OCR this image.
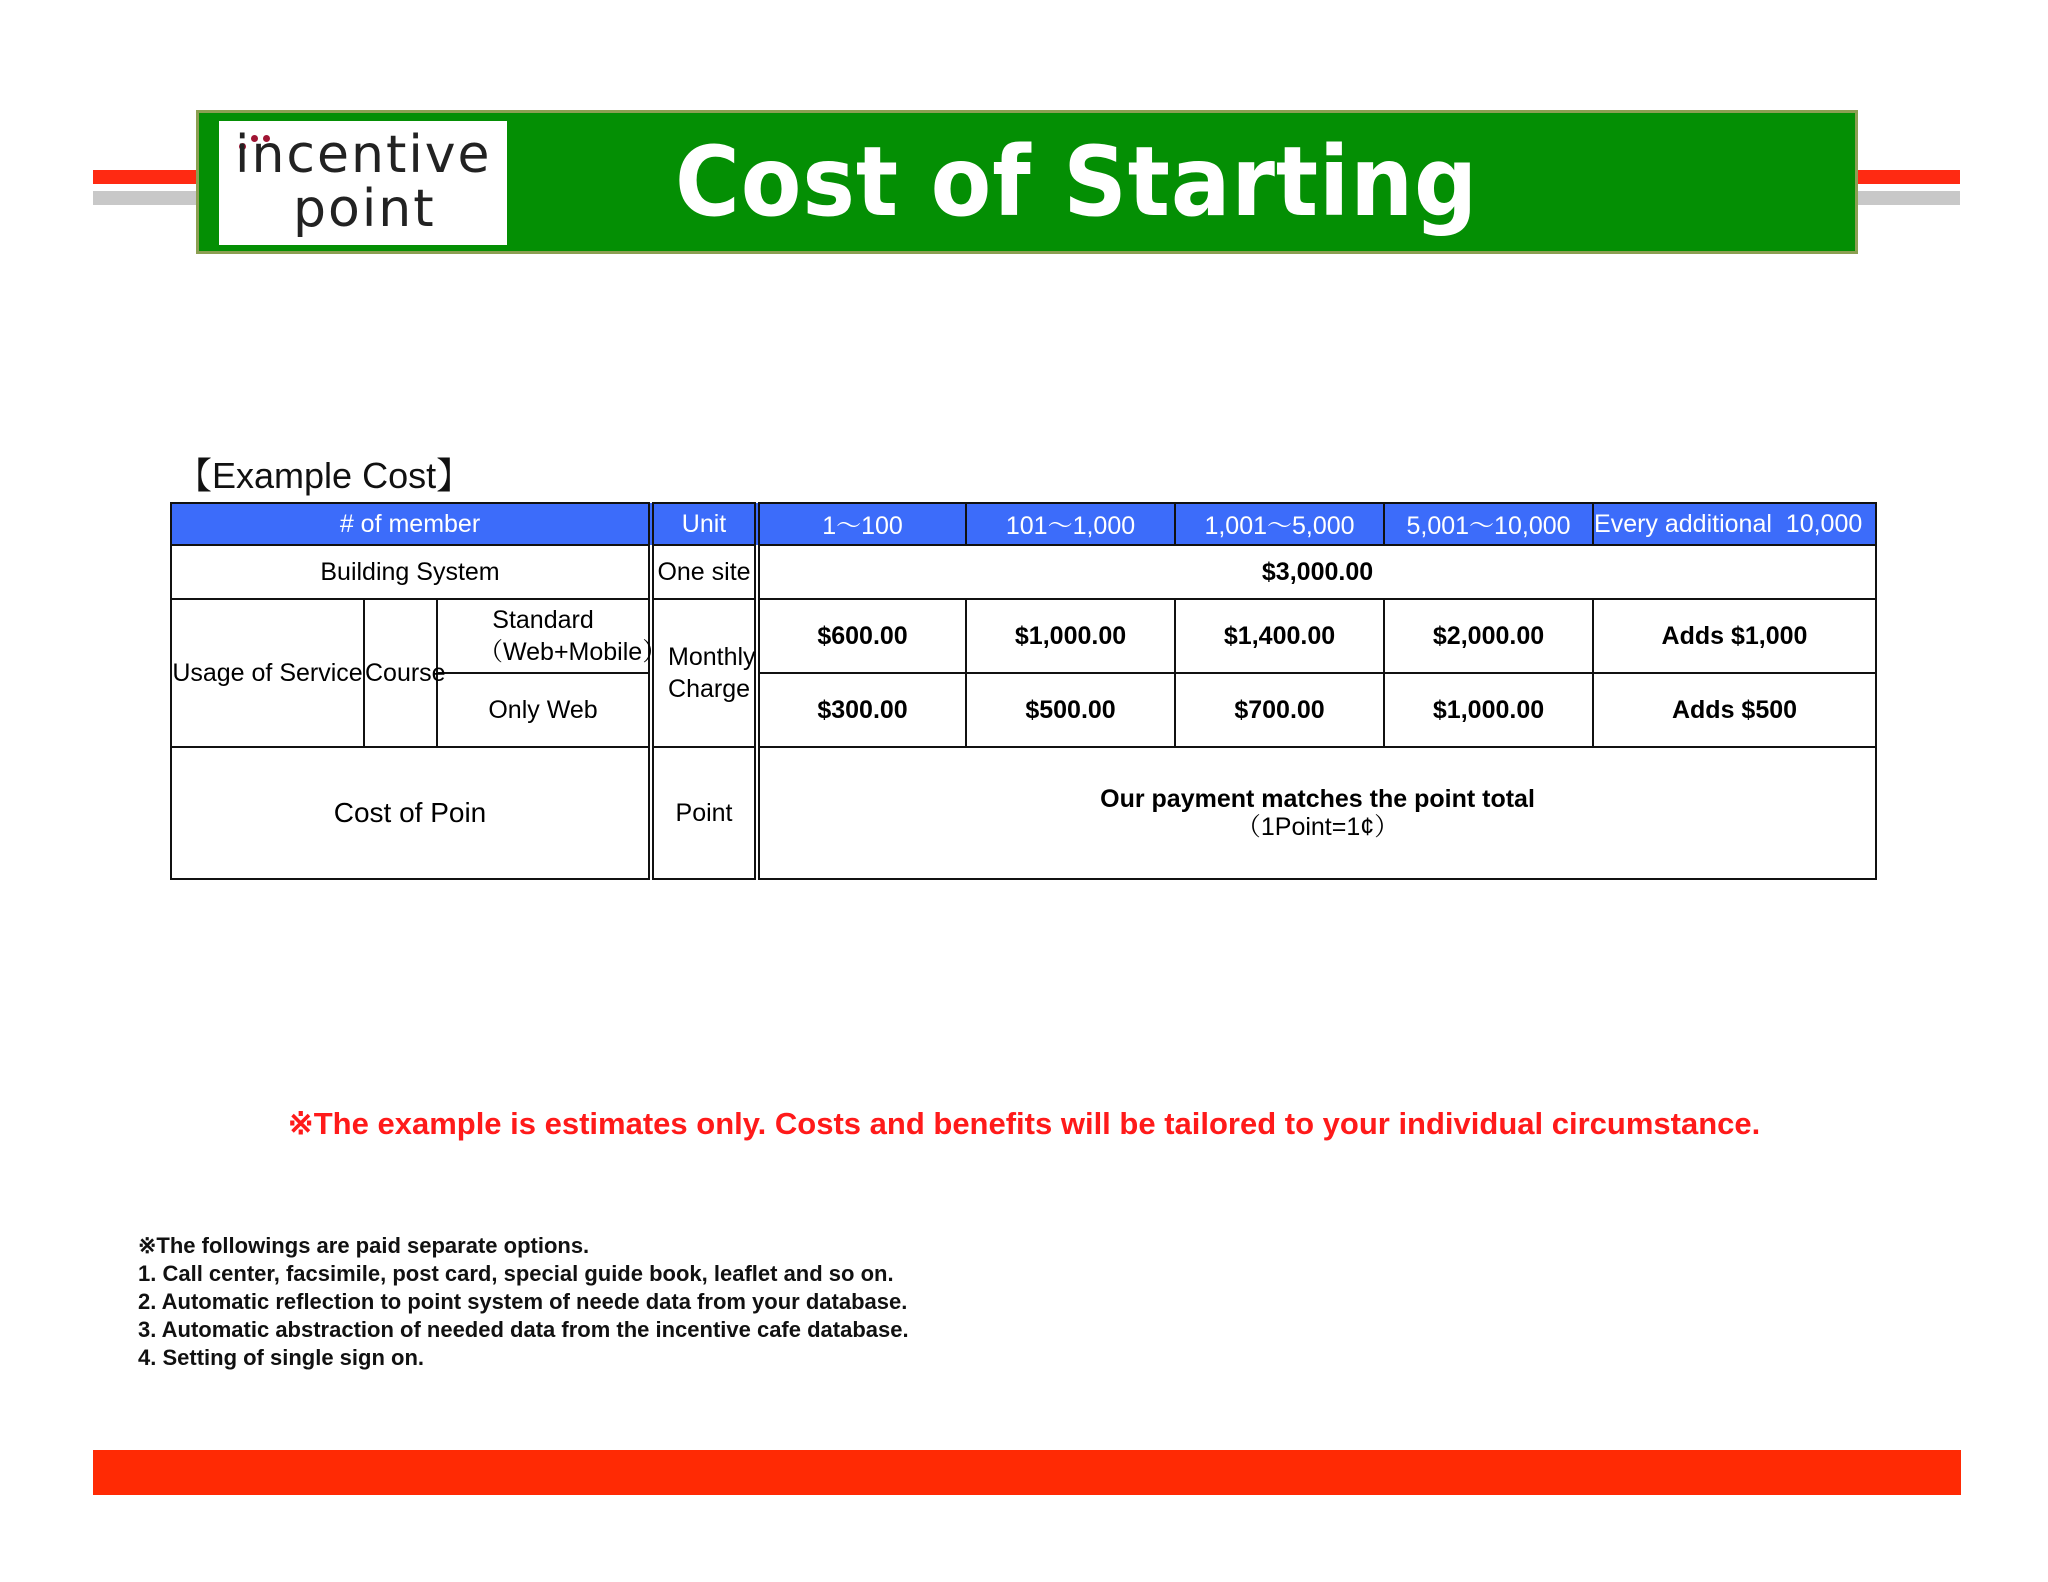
incentive
point Cost of Starting
【Example Cost】
# of member			Unit	1～100	101～1,000	1,001～5,000	5,001～10,000	Every additional  10,000   ID
Building System			One site	$3,000.00				
Usage of Service	Course	Standard（Web+Mobile）	Monthly Charge	$600.00	$1,000.00	$1,400.00	$2,000.00	Adds $1,000
		Only Web		$300.00	$500.00	$700.00	$1,000.00	Adds $500
Cost of Poin			Point	Our payment matches the point total
（1Point=1¢）				
※The example is estimates only. Costs and benefits will be tailored to your individual circumstance.
※The followings are paid separate options.
1. Call center, facsimile, post card, special guide book, leaflet and so on.
2. Automatic reflection to point system of neede data from your database.
3. Automatic abstraction of needed data from the incentive cafe database.
4. Setting of single sign on.
